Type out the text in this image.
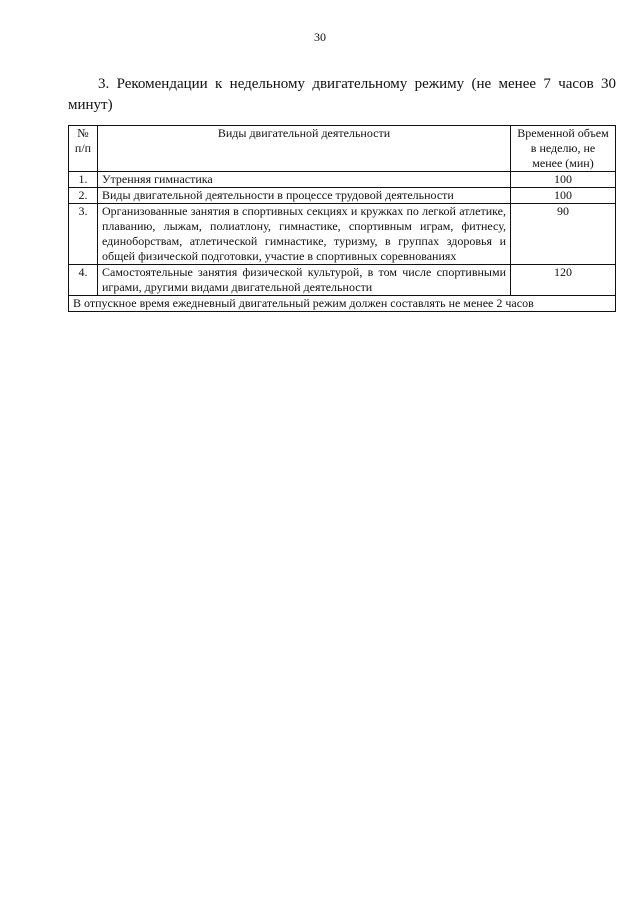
30

3. Рекомендации к недельному двигательному режиму (не менее 7 часов 30 минут)

№ п/п	Виды двигательной деятельности	Временной объем в неделю, не менее (мин)
1.	Утренняя гимнастика	100
2.	Виды двигательной деятельности в процессе трудовой деятельности	100
3.	Организованные занятия в спортивных секциях и кружках по легкой атлетике, плаванию, лыжам, полиатлону, гимнастике, спортивным играм, фитнесу, единоборствам, атлетической гимнастике, туризму, в группах здоровья и общей физической подготовки, участие в спортивных соревнованиях	90
4.	Самостоятельные занятия физической культурой, в том числе спортивными играми, другими видами двигательной деятельности	120
В отпускное время ежедневный двигательный режим должен составлять не менее 2 часов		
